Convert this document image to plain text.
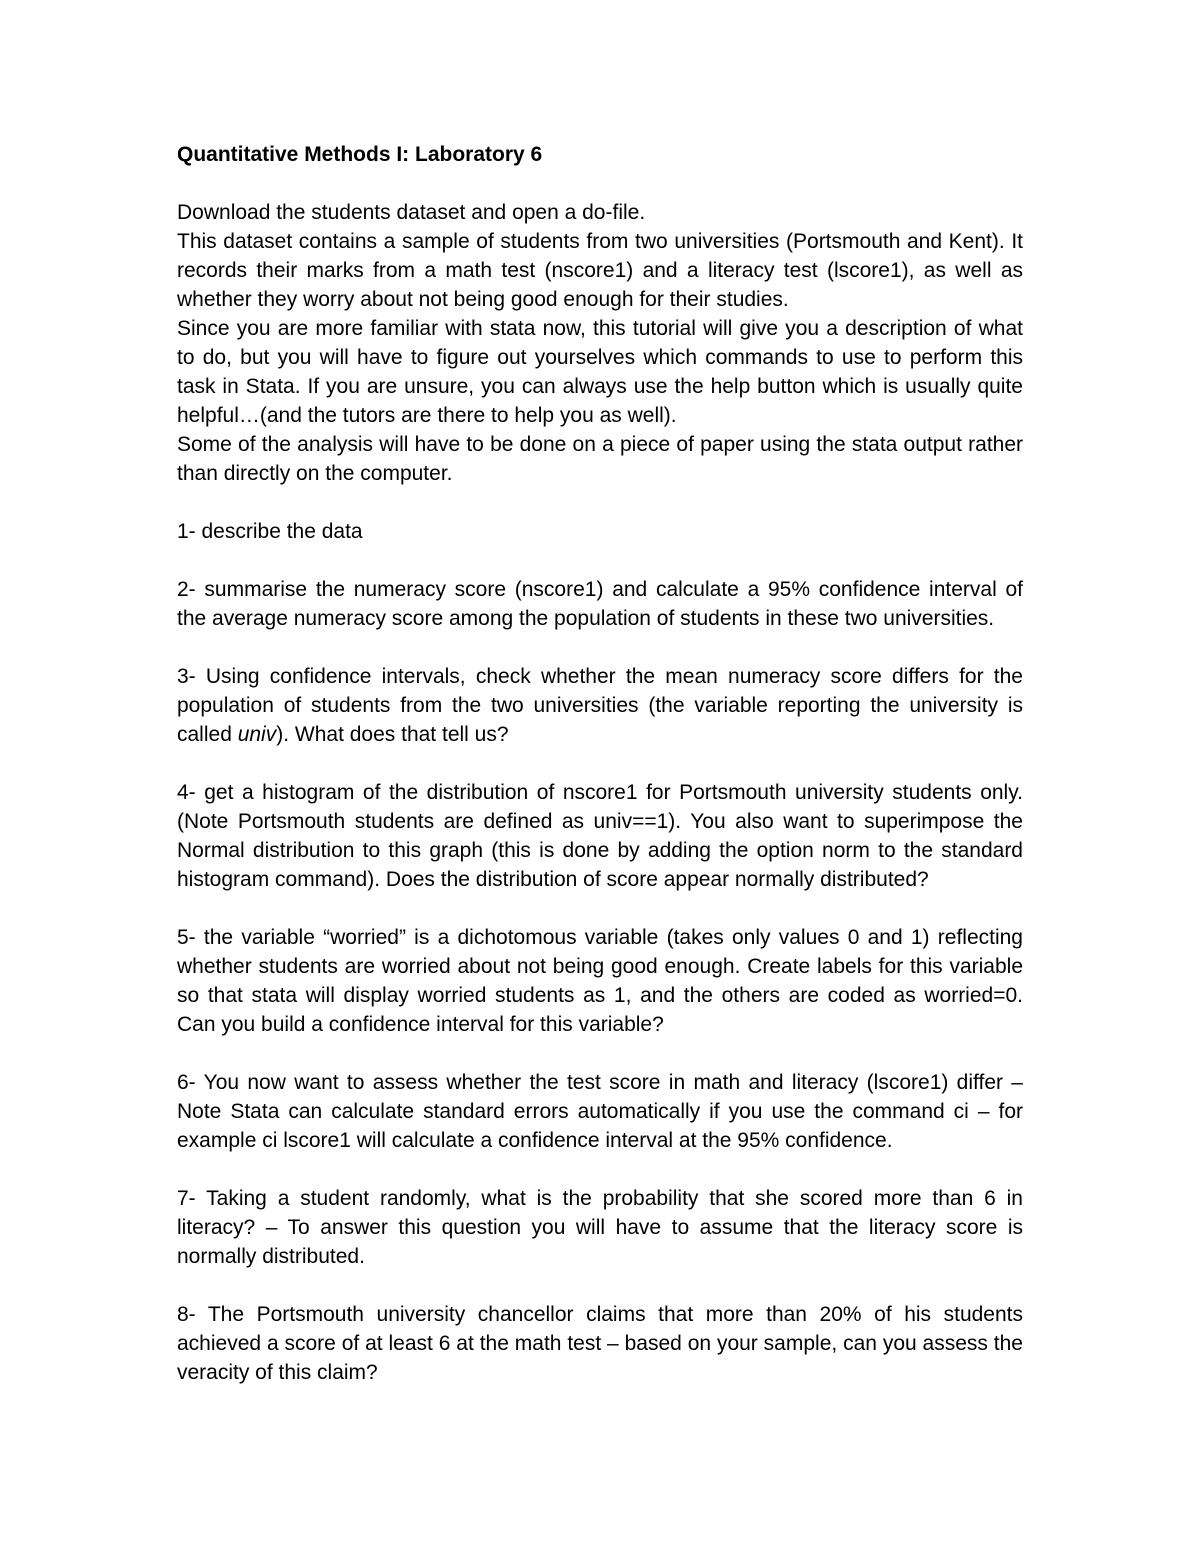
Quantitative Methods I: Laboratory 6

Download the students dataset and open a do-file.

This dataset contains a sample of students from two universities (Portsmouth and Kent). It records their marks from a math test (nscore1) and a literacy test (lscore1), as well as whether they worry about not being good enough for their studies.

Since you are more familiar with stata now, this tutorial will give you a description of what to do, but you will have to figure out yourselves which commands to use to perform this task in Stata. If you are unsure, you can always use the help button which is usually quite helpful…(and the tutors are there to help you as well).

Some of the analysis will have to be done on a piece of paper using the stata output rather than directly on the computer.

1- describe the data

2- summarise the numeracy score (nscore1) and calculate a 95% confidence interval of the average numeracy score among the population of students in these two universities.

3- Using confidence intervals, check whether the mean numeracy score differs for the population of students from the two universities (the variable reporting the university is called univ). What does that tell us?

4- get a histogram of the distribution of nscore1 for Portsmouth university students only. (Note Portsmouth students are defined as univ==1). You also want to superimpose the Normal distribution to this graph (this is done by adding the option norm to the standard histogram command). Does the distribution of score appear normally distributed?

5- the variable “worried” is a dichotomous variable (takes only values 0 and 1) reflecting whether students are worried about not being good enough. Create labels for this variable so that stata will display worried students as 1, and the others are coded as worried=0. Can you build a confidence interval for this variable?

6- You now want to assess whether the test score in math and literacy (lscore1) differ – Note Stata can calculate standard errors automatically if you use the command ci – for example ci lscore1 will calculate a confidence interval at the 95% confidence.

7- Taking a student randomly, what is the probability that she scored more than 6 in literacy? – To answer this question you will have to assume that the literacy score is normally distributed.

8- The Portsmouth university chancellor claims that more than 20% of his students achieved a score of at least 6 at the math test – based on your sample, can you assess the veracity of this claim?
